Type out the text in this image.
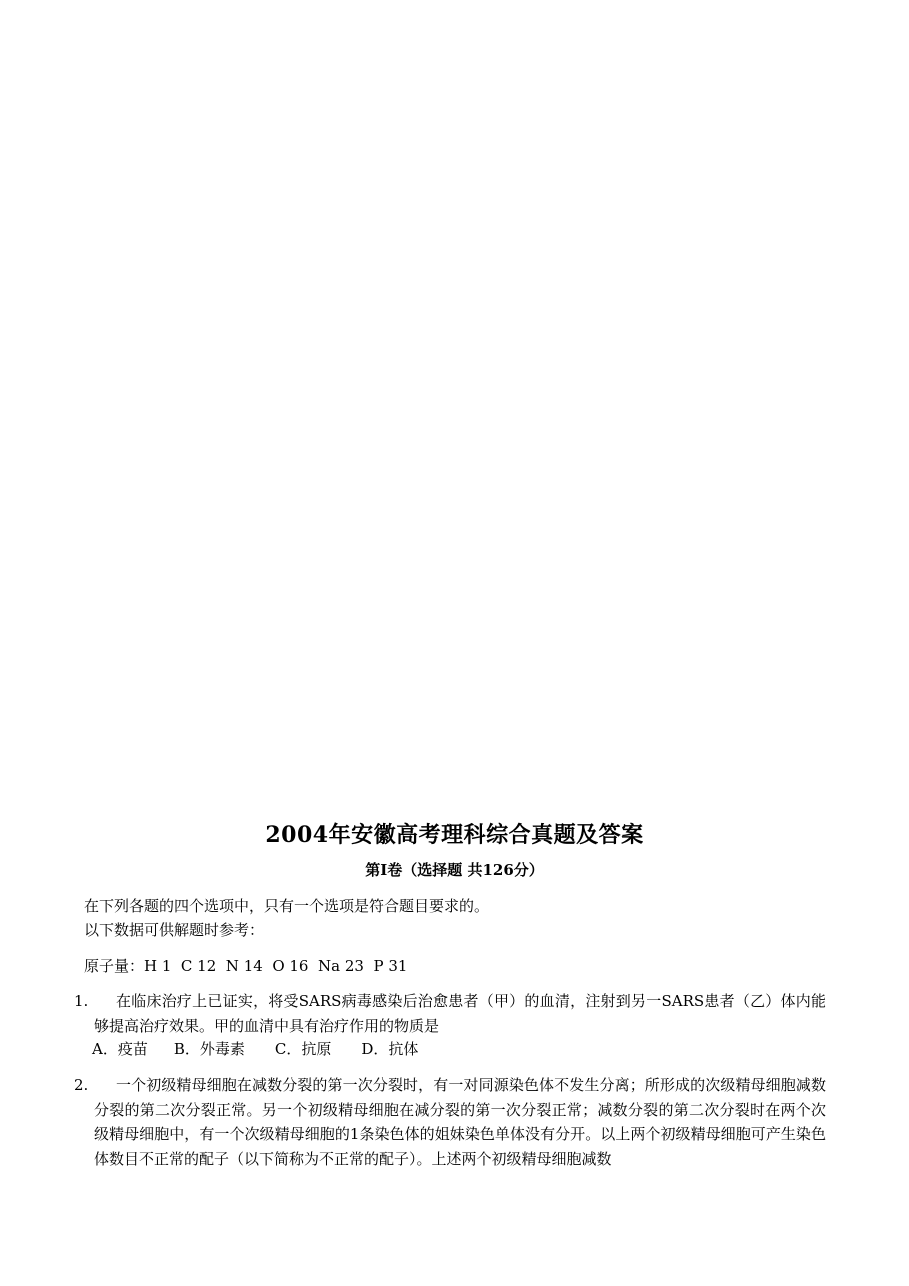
2004年安徽高考理科综合真题及答案
第I卷（选择题 共126分）
在下列各题的四个选项中，只有一个选项是符合题目要求的。
以下数据可供解题时参考：
原子量：H 1  C 12  N 14  O 16  Na 23  P 31
1.	在临床治疗上已证实，将受SARS病毒感染后治愈患者（甲）的血清，注射到另一SARS患者（乙）体内能够提高治疗效果。甲的血清中具有治疗作用的物质是
A．疫苗 B．外毒素 C．抗原 D．抗体
2.	一个初级精母细胞在减数分裂的第一次分裂时，有一对同源染色体不发生分离；所形成的次级精母细胞减数分裂的第二次分裂正常。另一个初级精母细胞在减分裂的第一次分裂正常；减数分裂的第二次分裂时在两个次级精母细胞中，有一个次级精母细胞的1条染色体的姐妹染色单体没有分开。以上两个初级精母细胞可产生染色体数目不正常的配子（以下简称为不正常的配子）。上述两个初级精母细胞减数
